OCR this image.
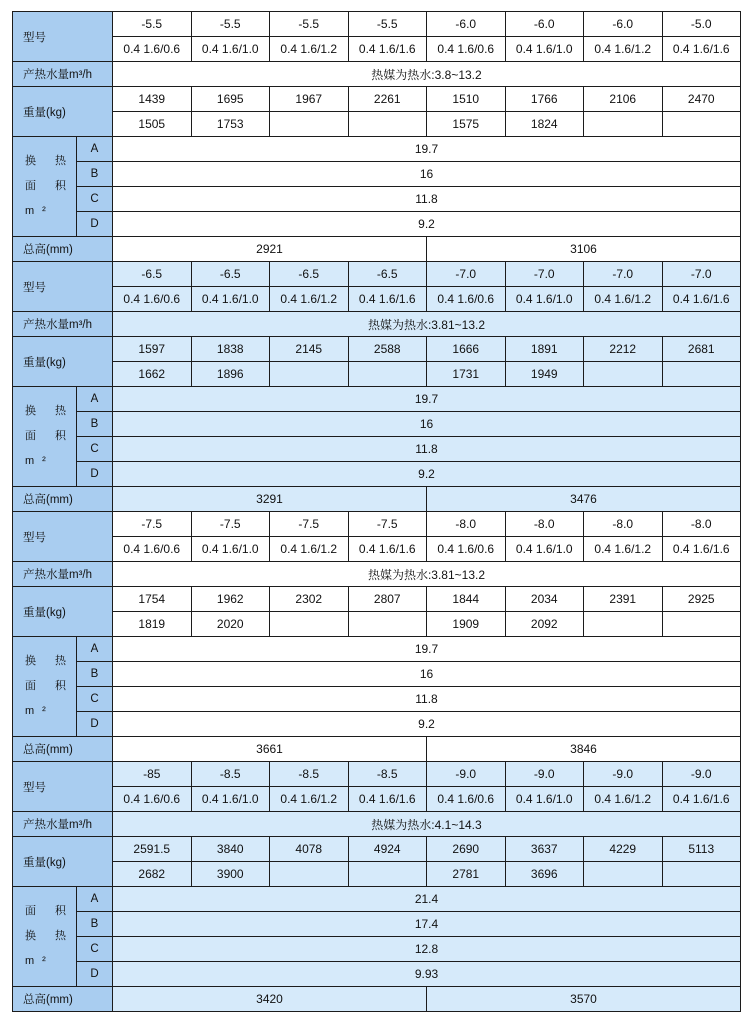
型号		-5.5	-5.5	-5.5	-5.5	-6.0	-6.0	-6.0	-5.0
		0.4 1.6/0.6	0.4 1.6/1.0	0.4 1.6/1.2	0.4 1.6/1.6	0.4 1.6/0.6	0.4 1.6/1.0	0.4 1.6/1.2	0.4 1.6/1.6
产热水量m³/h		热媒为热水:3.8~13.2							
重量(kg)		1439	1695	1967	2261	1510	1766	2106	2470
		1505	1753			1575	1824		

换 热
面 积
m²	A	19.7							
	B	16							
	C	11.8							
	D	9.2							
总高(mm)		2921				3106			
型号		-6.5	-6.5	-6.5	-6.5	-7.0	-7.0	-7.0	-7.0
		0.4 1.6/0.6	0.4 1.6/1.0	0.4 1.6/1.2	0.4 1.6/1.6	0.4 1.6/0.6	0.4 1.6/1.0	0.4 1.6/1.2	0.4 1.6/1.6
产热水量m³/h		热媒为热水:3.81~13.2							
重量(kg)		1597	1838	2145	2588	1666	1891	2212	2681
		1662	1896			1731	1949		

换 热
面 积
m²	A	19.7							
	B	16							
	C	11.8							
	D	9.2							
总高(mm)		3291				3476			
型号		-7.5	-7.5	-7.5	-7.5	-8.0	-8.0	-8.0	-8.0
		0.4 1.6/0.6	0.4 1.6/1.0	0.4 1.6/1.2	0.4 1.6/1.6	0.4 1.6/0.6	0.4 1.6/1.0	0.4 1.6/1.2	0.4 1.6/1.6
产热水量m³/h		热媒为热水:3.81~13.2							
重量(kg)		1754	1962	2302	2807	1844	2034	2391	2925
		1819	2020			1909	2092		

换 热
面 积
m²	A	19.7							
	B	16							
	C	11.8							
	D	9.2							
总高(mm)		3661				3846			
型号		-85	-8.5	-8.5	-8.5	-9.0	-9.0	-9.0	-9.0
		0.4 1.6/0.6	0.4 1.6/1.0	0.4 1.6/1.2	0.4 1.6/1.6	0.4 1.6/0.6	0.4 1.6/1.0	0.4 1.6/1.2	0.4 1.6/1.6
产热水量m³/h		热媒为热水:4.1~14.3							
重量(kg)		2591.5	3840	4078	4924	2690	3637	4229	5113
		2682	3900			2781	3696		

面 积
换 热
m²	A	21.4							
	B	17.4							
	C	12.8							
	D	9.93							
总高(mm)		3420				3570			
